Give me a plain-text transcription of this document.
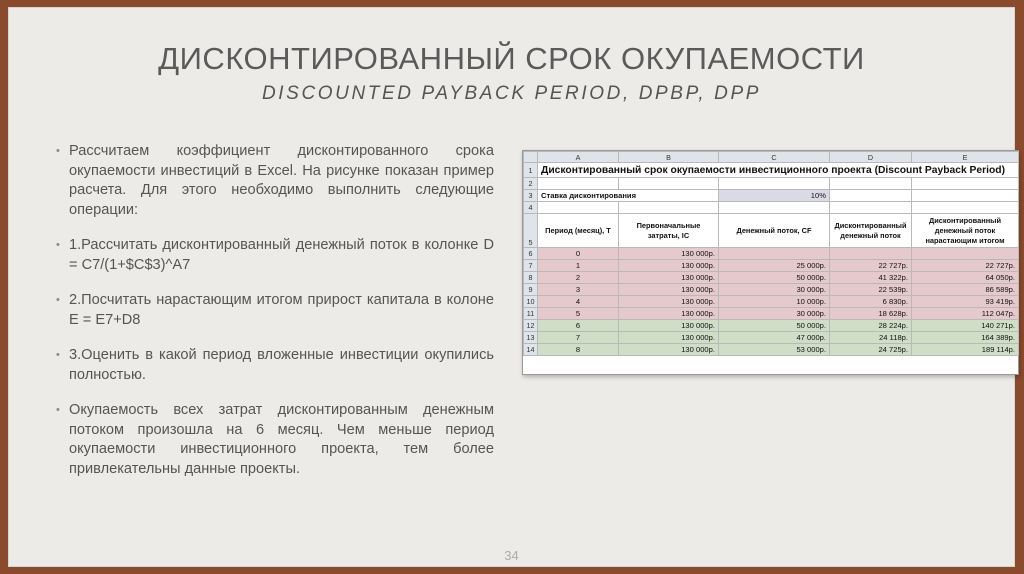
ДИСКОНТИРОВАННЫЙ СРОК ОКУПАЕМОСТИ
DISCOUNTED PAYBACK PERIOD, DPBP, DPP
• Рассчитаем коэффициент дисконтированного срока окупаемости инвестиций в Excel. На рисунке показан пример расчета. Для этого необходимо выполнить следующие операции:
• 1.Рассчитать дисконтированный денежный поток в колонке D = C7/(1+$C$3)^A7
• 2.Посчитать нарастающим итогом прирост капитала в колоне E = E7+D8
• 3.Оценить в какой период вложенные инвестиции окупились полностью.
• Окупаемость всех затрат дисконтированным денежным потоком произошла на 6 месяц. Чем меньше период окупаемости инвестиционного проекта, тем более привлекательны данные проекты.
	A	B	C	D	E
1	Дисконтированный срок окупаемости инвестиционного проекта (Discount Payback Period)				
2					
3	Ставка дисконтирования		10%		
4					
5	Период (месяц), T	Первоначальные затраты, IC	Денежный поток, CF	Дисконтированный денежный поток	Дисконтированный денежный поток нарастающим итогом
6	0	130 000р.			
7	1	130 000р.	25 000р.	22 727р.	22 727р.
8	2	130 000р.	50 000р.	41 322р.	64 050р.
9	3	130 000р.	30 000р.	22 539р.	86 589р.
10	4	130 000р.	10 000р.	6 830р.	93 419р.
11	5	130 000р.	30 000р.	18 628р.	112 047р.
12	6	130 000р.	50 000р.	28 224р.	140 271р.
13	7	130 000р.	47 000р.	24 118р.	164 389р.
14	8	130 000р.	53 000р.	24 725р.	189 114р.
34
